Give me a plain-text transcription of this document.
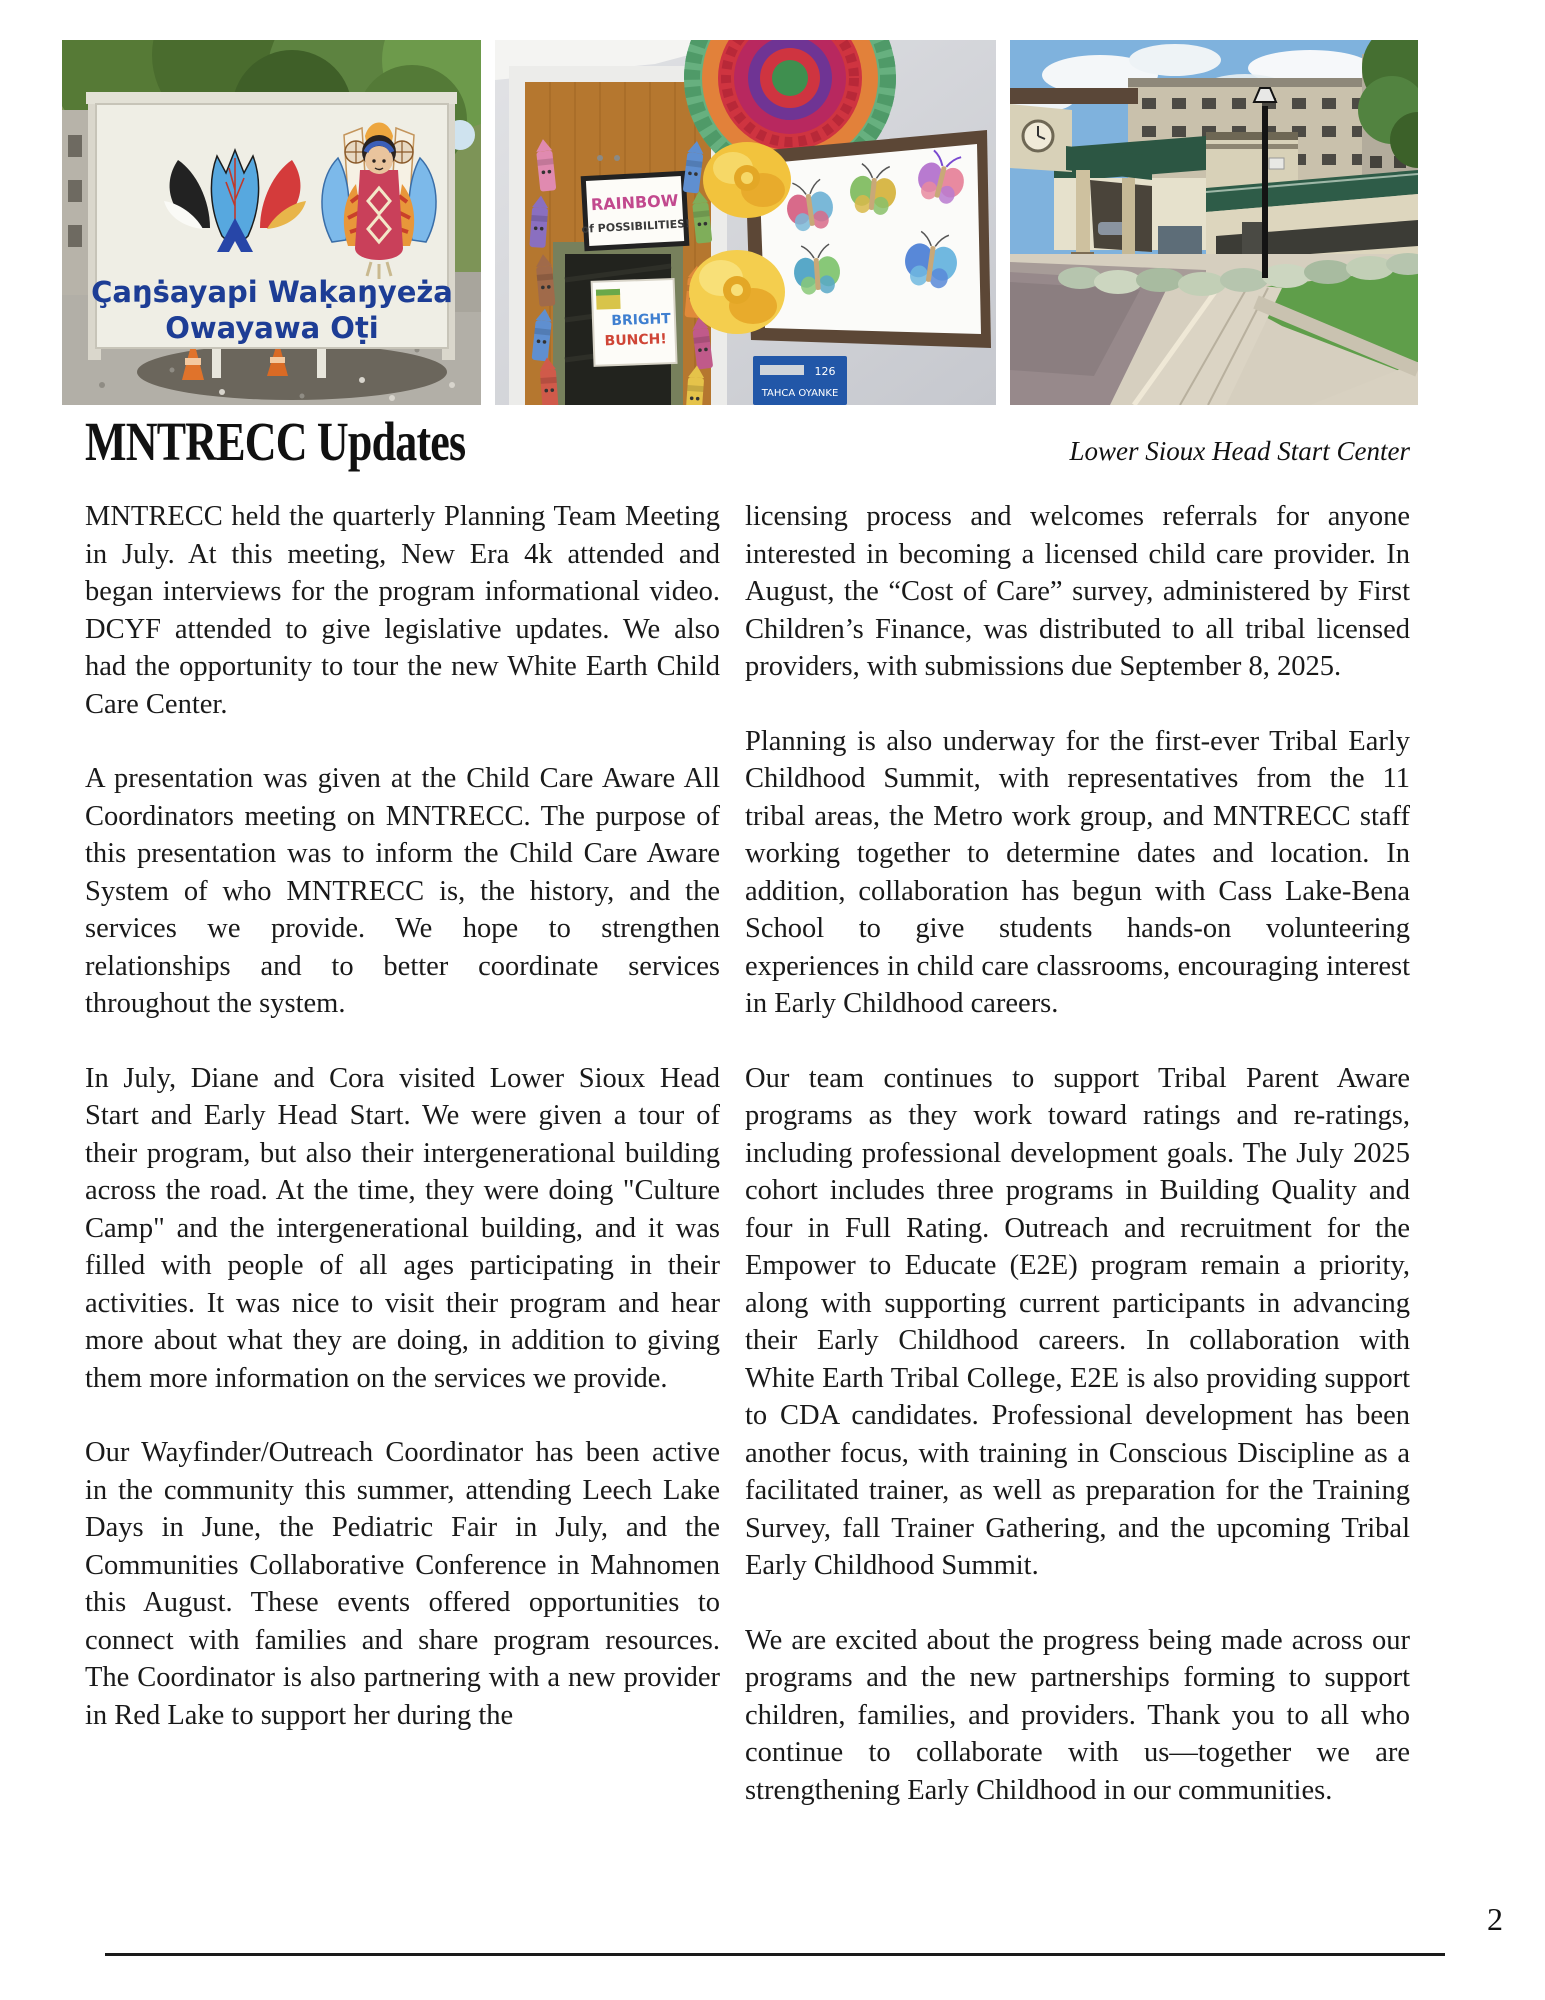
Çaŋṡayapi Waḳaŋyeża
Owayawa Oṭi
RAINBOW
of POSSIBILITIES!
BRIGHT
BUNCH!
126
TAHCA OYANKE
MNTRECC Updates	Lower Sioux Head Start Center

MNTRECC held the quarterly Planning Team Meeting in July. At this meeting, New Era 4k attended and began interviews for the program informational video. DCYF attended to give legislative updates. We also had the opportunity to tour the new White Earth Child Care Center.

A presentation was given at the Child Care Aware All Coordinators meeting on MNTRECC. The purpose of this presentation was to inform the Child Care Aware System of who MNTRECC is, the history, and the services we provide. We hope to strengthen relationships and to better coordinate services throughout the system.

In July, Diane and Cora visited Lower Sioux Head Start and Early Head Start. We were given a tour of their program, but also their intergenerational building across the road. At the time, they were doing "Culture Camp" and the intergenerational building, and it was filled with people of all ages participating in their activities. It was nice to visit their program and hear more about what they are doing, in addition to giving them more information on the services we provide.

Our Wayfinder/Outreach Coordinator has been active in the community this summer, attending Leech Lake Days in June, the Pediatric Fair in July, and the Communities Collaborative Conference in Mahnomen this August. These events offered opportunities to connect with families and share program resources. The Coordinator is also partnering with a new provider in Red Lake to support her during the

licensing process and welcomes referrals for anyone interested in becoming a licensed child care provider. In August, the “Cost of Care” survey, administered by First Children’s Finance, was distributed to all tribal licensed providers, with submissions due September 8, 2025.

Planning is also underway for the first-ever Tribal Early Childhood Summit, with representatives from the 11 tribal areas, the Metro work group, and MNTRECC staff working together to determine dates and location. In addition, collaboration has begun with Cass Lake-Bena School to give students hands-on volunteering experiences in child care classrooms, encouraging interest in Early Childhood careers.

Our team continues to support Tribal Parent Aware programs as they work toward ratings and re-ratings, including professional development goals. The July 2025 cohort includes three programs in Building Quality and four in Full Rating. Outreach and recruitment for the Empower to Educate (E2E) program remain a priority, along with supporting current participants in advancing their Early Childhood careers. In collaboration with White Earth Tribal College, E2E is also providing support to CDA candidates. Professional development has been another focus, with training in Conscious Discipline as a facilitated trainer, as well as preparation for the Training Survey, fall Trainer Gathering, and the upcoming Tribal Early Childhood Summit.

We are excited about the progress being made across our programs and the new partnerships forming to support children, families, and providers. Thank you to all who continue to collaborate with us—together we are strengthening Early Childhood in our communities.

2
